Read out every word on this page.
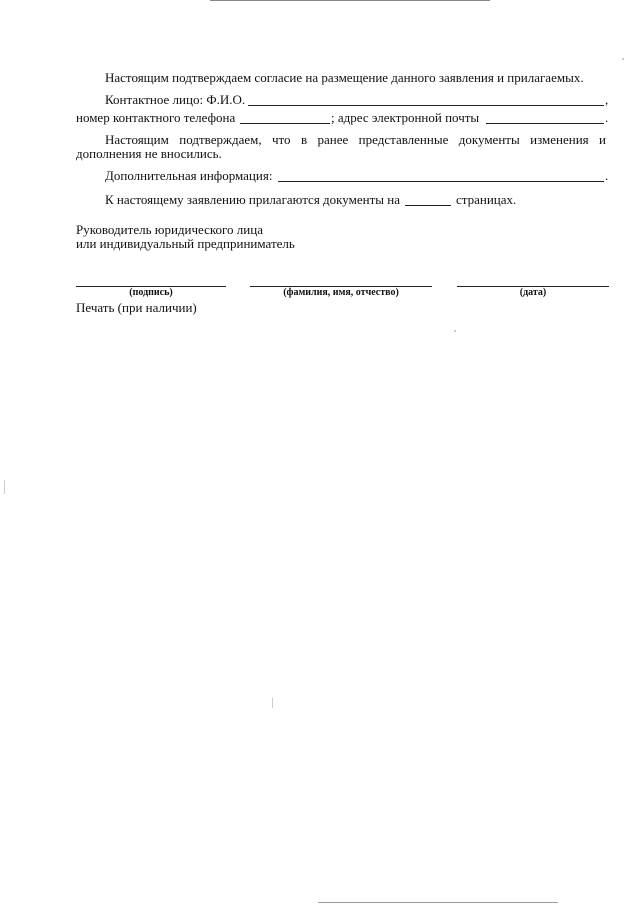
Настоящим подтверждаем согласие на размещение данного заявления и прилагаемых.
Контактное лицо: Ф.И.О.	,
номер контактного телефона	; адрес электронной почты	.
Настоящим подтверждаем, что в ранее представленные документы изменения и
дополнения не вносились.
Дополнительная информация:	.
К настоящему заявлению прилагаются документы на	страницах.
Руководитель юридического лица
или индивидуальный предприниматель
(подпись)	(фамилия, имя, отчество)	(дата)
Печать (при наличии)
